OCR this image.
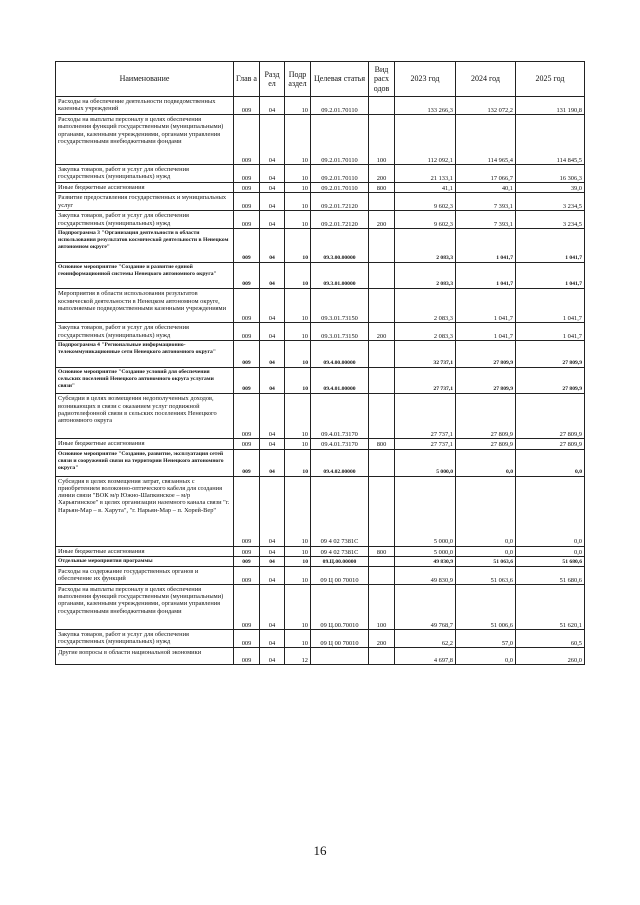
Наименование	Глав а	Разд ел	Подр аздел	Целевая статья	Вид расх одов	2023 год	2024 год	2025 год
Расходы на обеспечение деятельности подведомственных казенных учреждений	009	04	10	09.2.01.70110		133 266,3	132 072,2	131 190,8
Расходы на выплаты персоналу в целях обеспечения выполнения функций государственными (муниципальными) органами, казенными учреждениями, органами управления государственными внебюджетными фондами	009	04	10	09.2.01.70110	100	112 092,1	114 965,4	114 845,5
Закупка товаров, работ и услуг для обеспечения государственных (муниципальных) нужд	009	04	10	09.2.01.70110	200	21 133,1	17 066,7	16 306,3
Иные бюджетные ассигнования	009	04	10	09.2.01.70110	800	41,1	40,1	39,0
Развитие предоставления государственных и муниципальных услуг	009	04	10	09.2.01.72120		9 602,3	7 393,1	3 234,5
Закупка товаров, работ и услуг для обеспечения государственных (муниципальных) нужд	009	04	10	09.2.01.72120	200	9 602,3	7 393,1	3 234,5
Подпрограмма 3 "Организация деятельности в области использования результатов космической деятельности в Ненецком автономном округе"	009	04	10	09.3.00.00000		2 083,3	1 041,7	1 041,7
Основное мероприятие "Создание и развитие единой геоинформационной системы Ненецкого автономного округа"	009	04	10	09.3.01.00000		2 083,3	1 041,7	1 041,7
Мероприятия в области использования результатов космической деятельности в Ненецком автономном округе, выполняемые подведомственными казенными учреждениями	009	04	10	09.3.01.73150		2 083,3	1 041,7	1 041,7
Закупка товаров, работ и услуг для обеспечения государственных (муниципальных) нужд	009	04	10	09.3.01.73150	200	2 083,3	1 041,7	1 041,7
Подпрограмма 4 "Региональные информационно-телекоммуникационные сети Ненецкого автономного округа"	009	04	10	09.4.00.00000		32 737,1	27 809,9	27 809,9
Основное мероприятие "Создание условий для обеспечения сельских поселений Ненецкого автономного округа услугами связи"	009	04	10	09.4.01.00000		27 737,1	27 809,9	27 809,9
Субсидии в целях возмещения недополученных доходов, возникающих в связи с оказанием услуг подвижной радиотелефонной связи в сельских поселениях Ненецкого автономного округа	009	04	10	09.4.01.73170		27 737,1	27 809,9	27 809,9
Иные бюджетные ассигнования	009	04	10	09.4.01.73170	800	27 737,1	27 809,9	27 809,9
Основное мероприятие "Создание, развитие, эксплуатация сетей связи и сооружений связи на территории Ненецкого автономного округа"	009	04	10	09.4.02.00000		5 000,0	0,0	0,0
Субсидия в целях возмещения затрат, связанных с приобретением волоконно-оптического кабеля для создания линии связи "ВОК м/р Южно-Шапкинское – м/р Харьягинское" в целях организации наземного канала связи "г. Нарьян-Мар – в. Харута", "г. Нарьян-Мар – п. Хорей-Вер"	009	04	10	09 4 02 7381С		5 000,0	0,0	0,0
Иные бюджетные ассигнования	009	04	10	09 4 02 7381С	800	5 000,0	0,0	0,0
Отдельные мероприятия программы	009	04	10	09.Ц.00.00000		49 830,9	51 063,6	51 680,6
Расходы на содержание государственных органов и обеспечение их функций	009	04	10	09 Ц 00 70010		49 830,9	51 063,6	51 680,6
Расходы на выплаты персоналу в целях обеспечения выполнения функций государственными (муниципальными) органами, казенными учреждениями, органами управления государственными внебюджетными фондами	009	04	10	09 Ц.00.70010	100	49 768,7	51 006,6	51 620,1
Закупка товаров, работ и услуг для обеспечения государственных (муниципальных) нужд	009	04	10	09 Ц 00 70010	200	62,2	57,0	60,5
Другие вопросы в области национальной экономики	009	04	12			4 697,8	0,0	260,0
16
